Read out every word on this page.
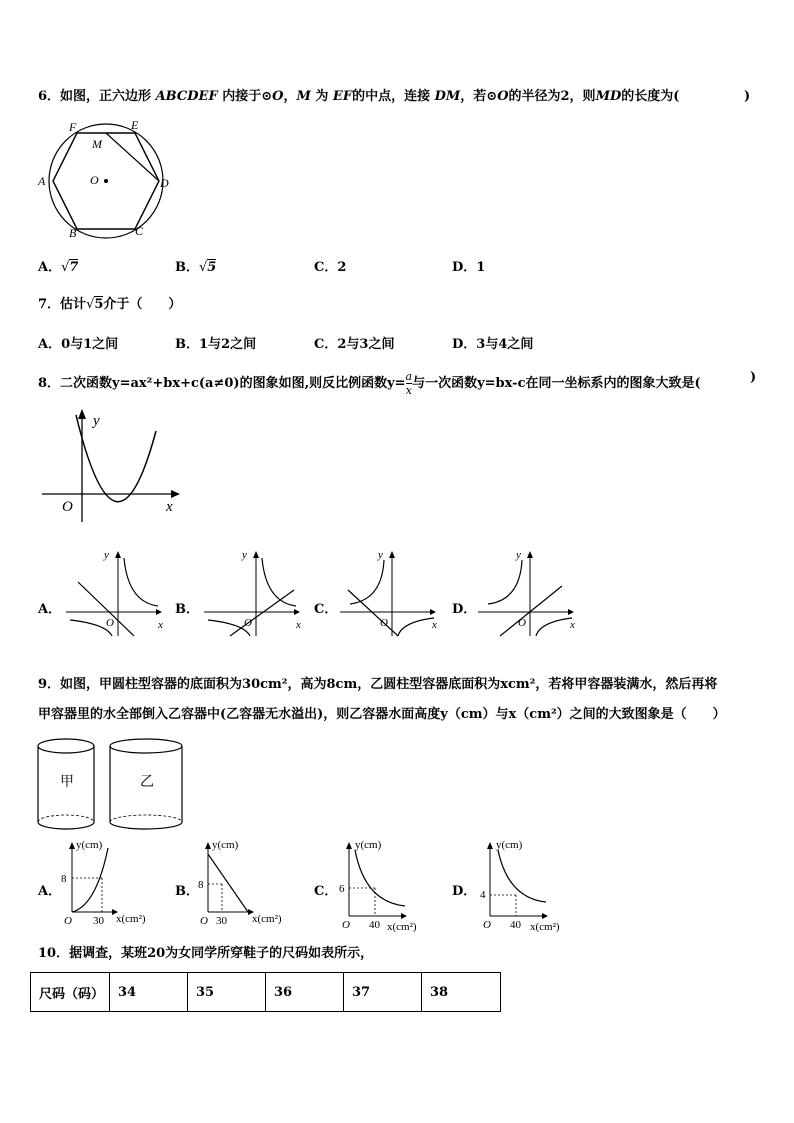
6．如图，正六边形 ABCDEF 内接于⊙O，M 为 EF的中点，连接 DM，若⊙O的半径为2，则MD的长度为(	)
F	E
M
A	O	D
B	C
A．√7	B．√5	C．2	D．1
7．估计√5介于（　　）
A．0与1之间	B．1与2之间	C．2与3之间	D．3与4之间
8．二次函数y=ax²+bx+c(a≠0)的图象如图,则反比例函数$y= \frac{a}{x}$ 与一次函数y=bx-c在同一坐标系内的图象大致是(	)
y
x
O
A．
y
x
O
B．
y
x
O
C．
y
x
O
D．
y
x
O
9．如图，甲圆柱型容器的底面积为30cm²，高为8cm，乙圆柱型容器底面积为xcm²，若将甲容器装满水，然后再将
甲容器里的水全部倒入乙容器中(乙容器无水溢出)，则乙容器水面高度y（cm）与x（cm²）之间的大致图象是（　　）
甲	乙
A．
y(cm)
8
O 30 x(cm²)
B．
y(cm)
8
O 30 x(cm²)
C．
y(cm)
6
O 40 x(cm²)
D．
y(cm)
4
O 40 x(cm²)
10．据调查，某班20为女同学所穿鞋子的尺码如表所示，
尺码（码）	34	35	36	37	38
